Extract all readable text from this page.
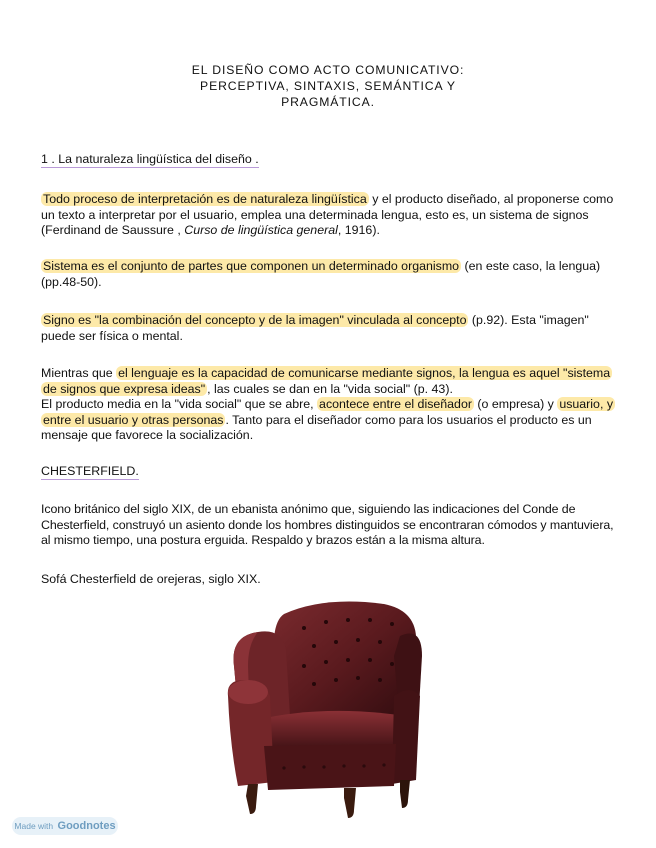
EL DISEÑO COMO ACTO COMUNICATIVO:
PERCEPTIVA, SINTAXIS, SEMÁNTICA Y
PRAGMÁTICA.

1 . La naturaleza lingüística del diseño .

Todo proceso de interpretación es de naturaleza lingüística y el producto diseñado, al proponerse como un texto a interpretar por el usuario, emplea una determinada lengua, esto es, un sistema de signos (Ferdinand de Saussure , Curso de lingüística general, 1916).

Sistema es el conjunto de partes que componen un determinado organismo (en este caso, la lengua) (pp.48-50).

Signo es "la combinación del concepto y de la imagen" vinculada al concepto (p.92). Esta "imagen" puede ser física o mental.

Mientras que el lenguaje es la capacidad de comunicarse mediante signos, la lengua es aquel "sistema de signos que expresa ideas" , las cuales se dan en la "vida social" (p. 43).
El producto media en la "vida social" que se abre, acontece entre el diseñador (o empresa) y usuario, y entre el usuario y otras personas . Tanto para el diseñador como para los usuarios el producto es un mensaje que favorece la socialización.

CHESTERFIELD.

Icono británico del siglo XIX, de un ebanista anónimo que, siguiendo las indicaciones del Conde de Chesterfield, construyó un asiento donde los hombres distinguidos se encontraran cómodos y mantuviera, al mismo tiempo, una postura erguida. Respaldo y brazos están a la misma altura.

Sofá Chesterfield de orejeras, siglo XIX.

Made with Goodnotes
